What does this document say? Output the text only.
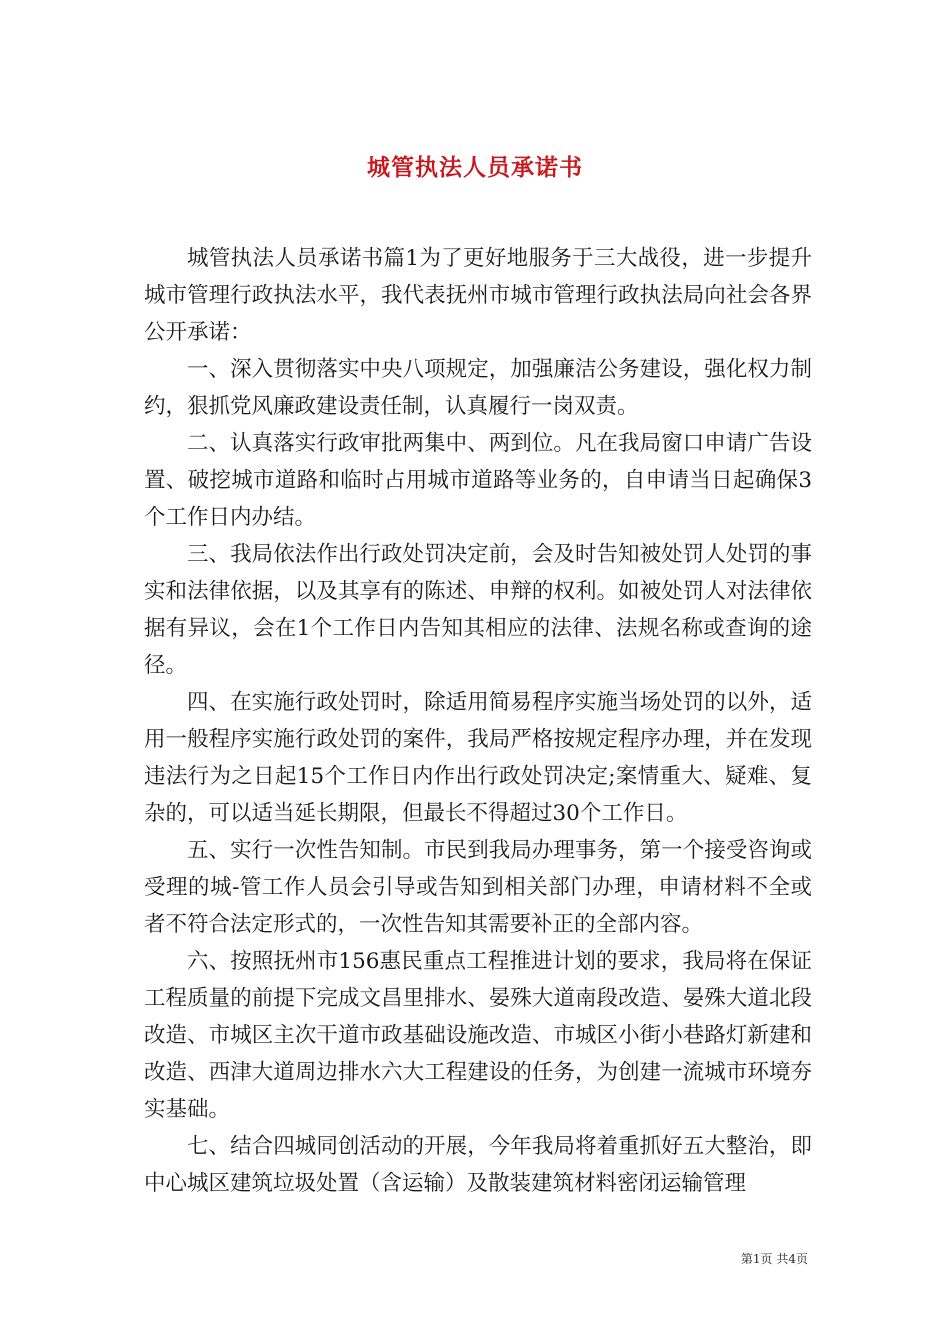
城管执法人员承诺书

城管执法人员承诺书篇1为了更好地服务于三大战役，进一步提升城市管理行政执法水平，我代表抚州市城市管理行政执法局向社会各界公开承诺：

一、深入贯彻落实中央八项规定，加强廉洁公务建设，强化权力制约，狠抓党风廉政建设责任制，认真履行一岗双责。

二、认真落实行政审批两集中、两到位。凡在我局窗口申请广告设置、破挖城市道路和临时占用城市道路等业务的，自申请当日起确保3个工作日内办结。

三、我局依法作出行政处罚决定前，会及时告知被处罚人处罚的事实和法律依据，以及其享有的陈述、申辩的权利。如被处罚人对法律依据有异议，会在1个工作日内告知其相应的法律、法规名称或查询的途径。

四、在实施行政处罚时，除适用简易程序实施当场处罚的以外，适用一般程序实施行政处罚的案件，我局严格按规定程序办理，并在发现违法行为之日起15个工作日内作出行政处罚决定;案情重大、疑难、复杂的，可以适当延长期限，但最长不得超过30个工作日。

五、实行一次性告知制。市民到我局办理事务，第一个接受咨询或受理的城-管工作人员会引导或告知到相关部门办理，申请材料不全或者不符合法定形式的，一次性告知其需要补正的全部内容。

六、按照抚州市156惠民重点工程推进计划的要求，我局将在保证工程质量的前提下完成文昌里排水、晏殊大道南段改造、晏殊大道北段改造、市城区主次干道市政基础设施改造、市城区小街小巷路灯新建和改造、西津大道周边排水六大工程建设的任务，为创建一流城市环境夯实基础。

七、结合四城同创活动的开展，今年我局将着重抓好五大整治，即中心城区建筑垃圾处置（含运输）及散装建筑材料密闭运输管理

第1页 共4页
